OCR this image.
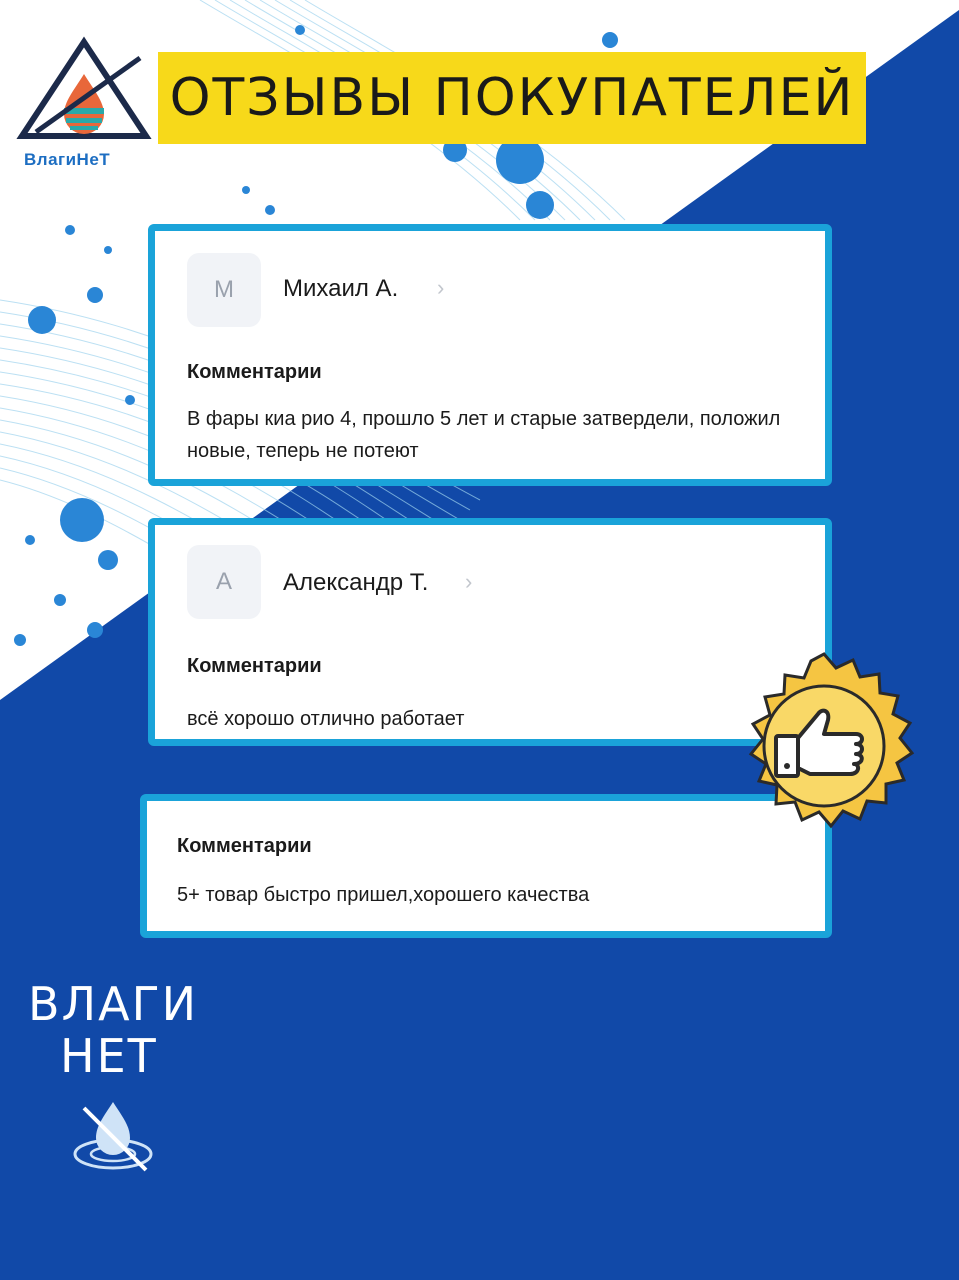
ВлагиНеТ
ОТЗЫВЫ ПОКУПАТЕЛЕЙ
М	Михаил А. ›
Комментарии
В фары киа рио 4, прошло 5 лет и старые затвердели, положил новые, теперь не потеют
А	Александр Т. ›
Комментарии
всё хорошо отлично работает
Комментарии
5+ товар быстро пришел,хорошего качества
ВЛАГИ
НЕТ
